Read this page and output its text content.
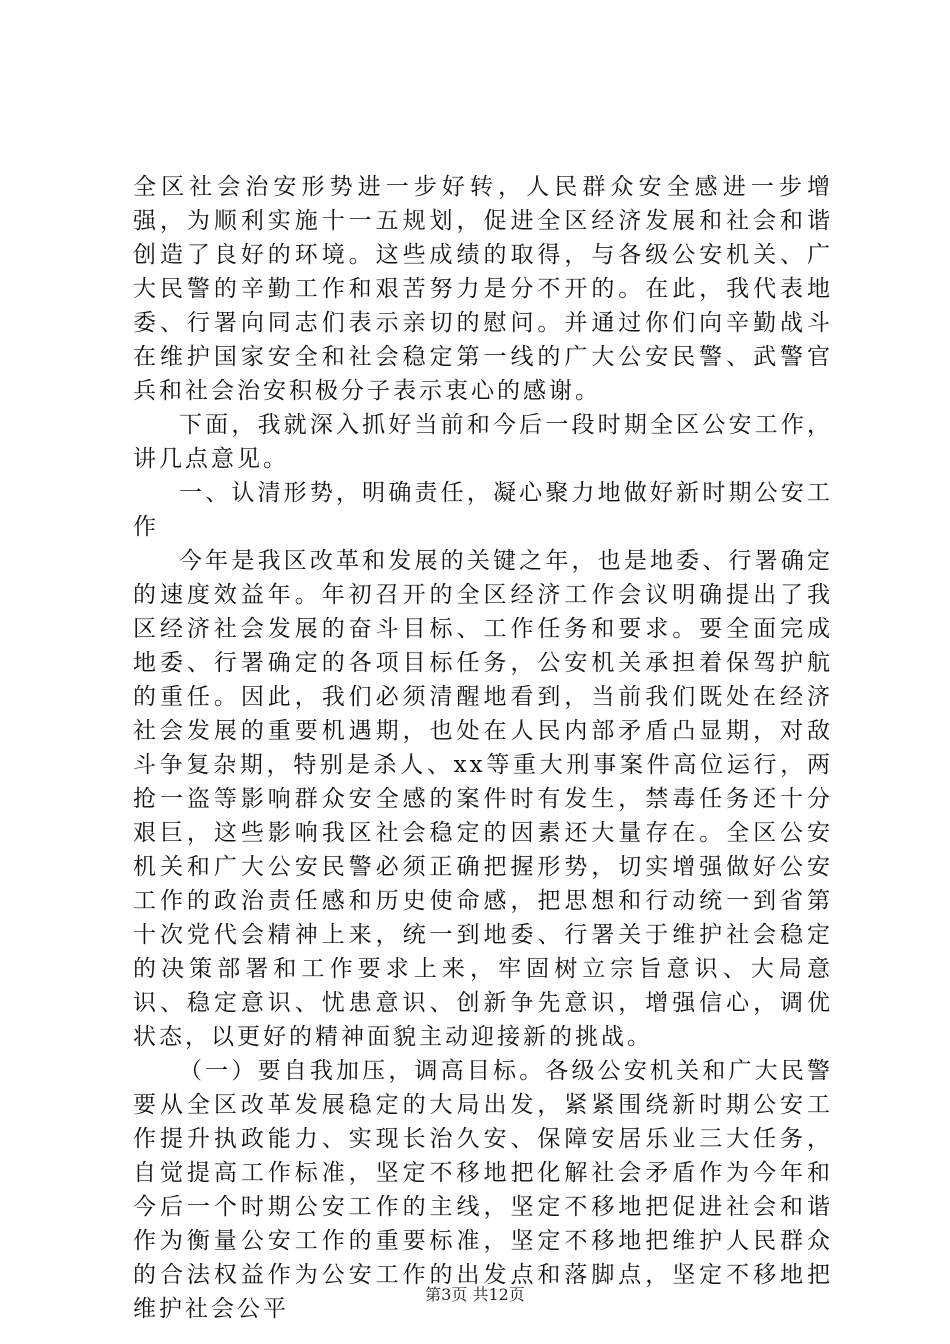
全区社会治安形势进一步好转，人民群众安全感进一步增强，为顺利实施十一五规划，促进全区经济发展和社会和谐创造了良好的环境。这些成绩的取得，与各级公安机关、广大民警的辛勤工作和艰苦努力是分不开的。在此，我代表地委、行署向同志们表示亲切的慰问。并通过你们向辛勤战斗在维护国家安全和社会稳定第一线的广大公安民警、武警官兵和社会治安积极分子表示衷心的感谢。

下面，我就深入抓好当前和今后一段时期全区公安工作，讲几点意见。

一、认清形势，明确责任，凝心聚力地做好新时期公安工作

今年是我区改革和发展的关键之年，也是地委、行署确定的速度效益年。年初召开的全区经济工作会议明确提出了我区经济社会发展的奋斗目标、工作任务和要求。要全面完成地委、行署确定的各项目标任务，公安机关承担着保驾护航的重任。因此，我们必须清醒地看到，当前我们既处在经济社会发展的重要机遇期，也处在人民内部矛盾凸显期，对敌斗争复杂期，特别是杀人、xx等重大刑事案件高位运行，两抢一盗等影响群众安全感的案件时有发生，禁毒任务还十分艰巨，这些影响我区社会稳定的因素还大量存在。全区公安机关和广大公安民警必须正确把握形势，切实增强做好公安工作的政治责任感和历史使命感，把思想和行动统一到省第十次党代会精神上来，统一到地委、行署关于维护社会稳定的决策部署和工作要求上来，牢固树立宗旨意识、大局意识、稳定意识、忧患意识、创新争先意识，增强信心，调优状态，以更好的精神面貌主动迎接新的挑战。

（一）要自我加压，调高目标。各级公安机关和广大民警要从全区改革发展稳定的大局出发，紧紧围绕新时期公安工作提升执政能力、实现长治久安、保障安居乐业三大任务，自觉提高工作标准，坚定不移地把化解社会矛盾作为今年和今后一个时期公安工作的主线，坚定不移地把促进社会和谐作为衡量公安工作的重要标准，坚定不移地把维护人民群众的合法权益作为公安工作的出发点和落脚点，坚定不移地把维护社会公平

第3页 共12页
